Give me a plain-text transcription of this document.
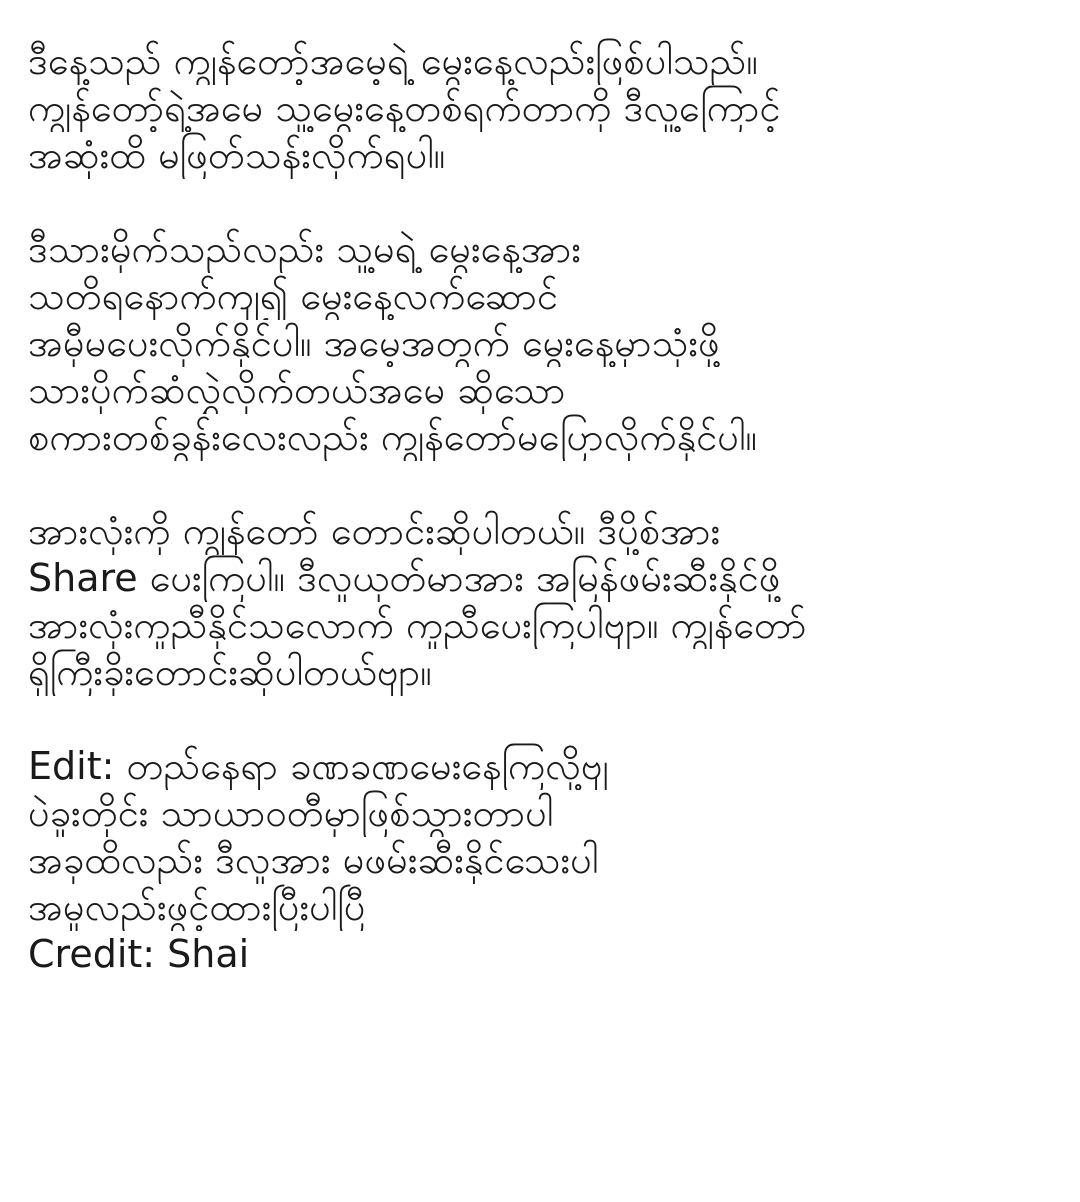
ဒီနေ့သည် ကျွန်တော့်အမေ့ရဲ့ မွေးနေ့လည်းဖြစ်ပါသည်။
ကျွန်တော့်ရဲ့အမေ သူ့မွေးနေ့တစ်ရက်တာကို ဒီလူ့ကြောင့်
အဆုံးထိ မဖြတ်သန်းလိုက်ရပါ။
ဒီသားမိုက်သည်လည်း သူ့မရဲ့ မွေးနေ့အား
သတိရနောက်ကျ၍ မွေးနေ့လက်ဆောင်
အမှီမပေးလိုက်နိုင်ပါ။ အမေ့အတွက် မွေးနေ့မှာသုံးဖို့
သားပိုက်ဆံလွှဲလိုက်တယ်အမေ ဆိုသော
စကားတစ်ခွန်းလေးလည်း ကျွန်တော်မပြောလိုက်နိုင်ပါ။
အားလုံးကို ကျွန်တော် တောင်းဆိုပါတယ်။ ဒီပို့စ်အား
Share ပေးကြပါ။ ဒီလူယုတ်မာအား အမြန်ဖမ်းဆီးနိုင်ဖို့
အားလုံးကူညီနိုင်သလောက် ကူညီပေးကြပါဗျာ။ ကျွန်တော်
ရှိကြီးခိုးတောင်းဆိုပါတယ်ဗျာ။
Edit: တည်နေရာ ခဏခဏမေးနေကြလို့ဗျ
ပဲခူးတိုင်း သာယာဝတီမှာဖြစ်သွားတာပါ
အခုထိလည်း ဒီလူအား မဖမ်းဆီးနိုင်သေးပါ
အမှုလည်းဖွင့်ထားပြီးပါပြီ
Credit: Shai
